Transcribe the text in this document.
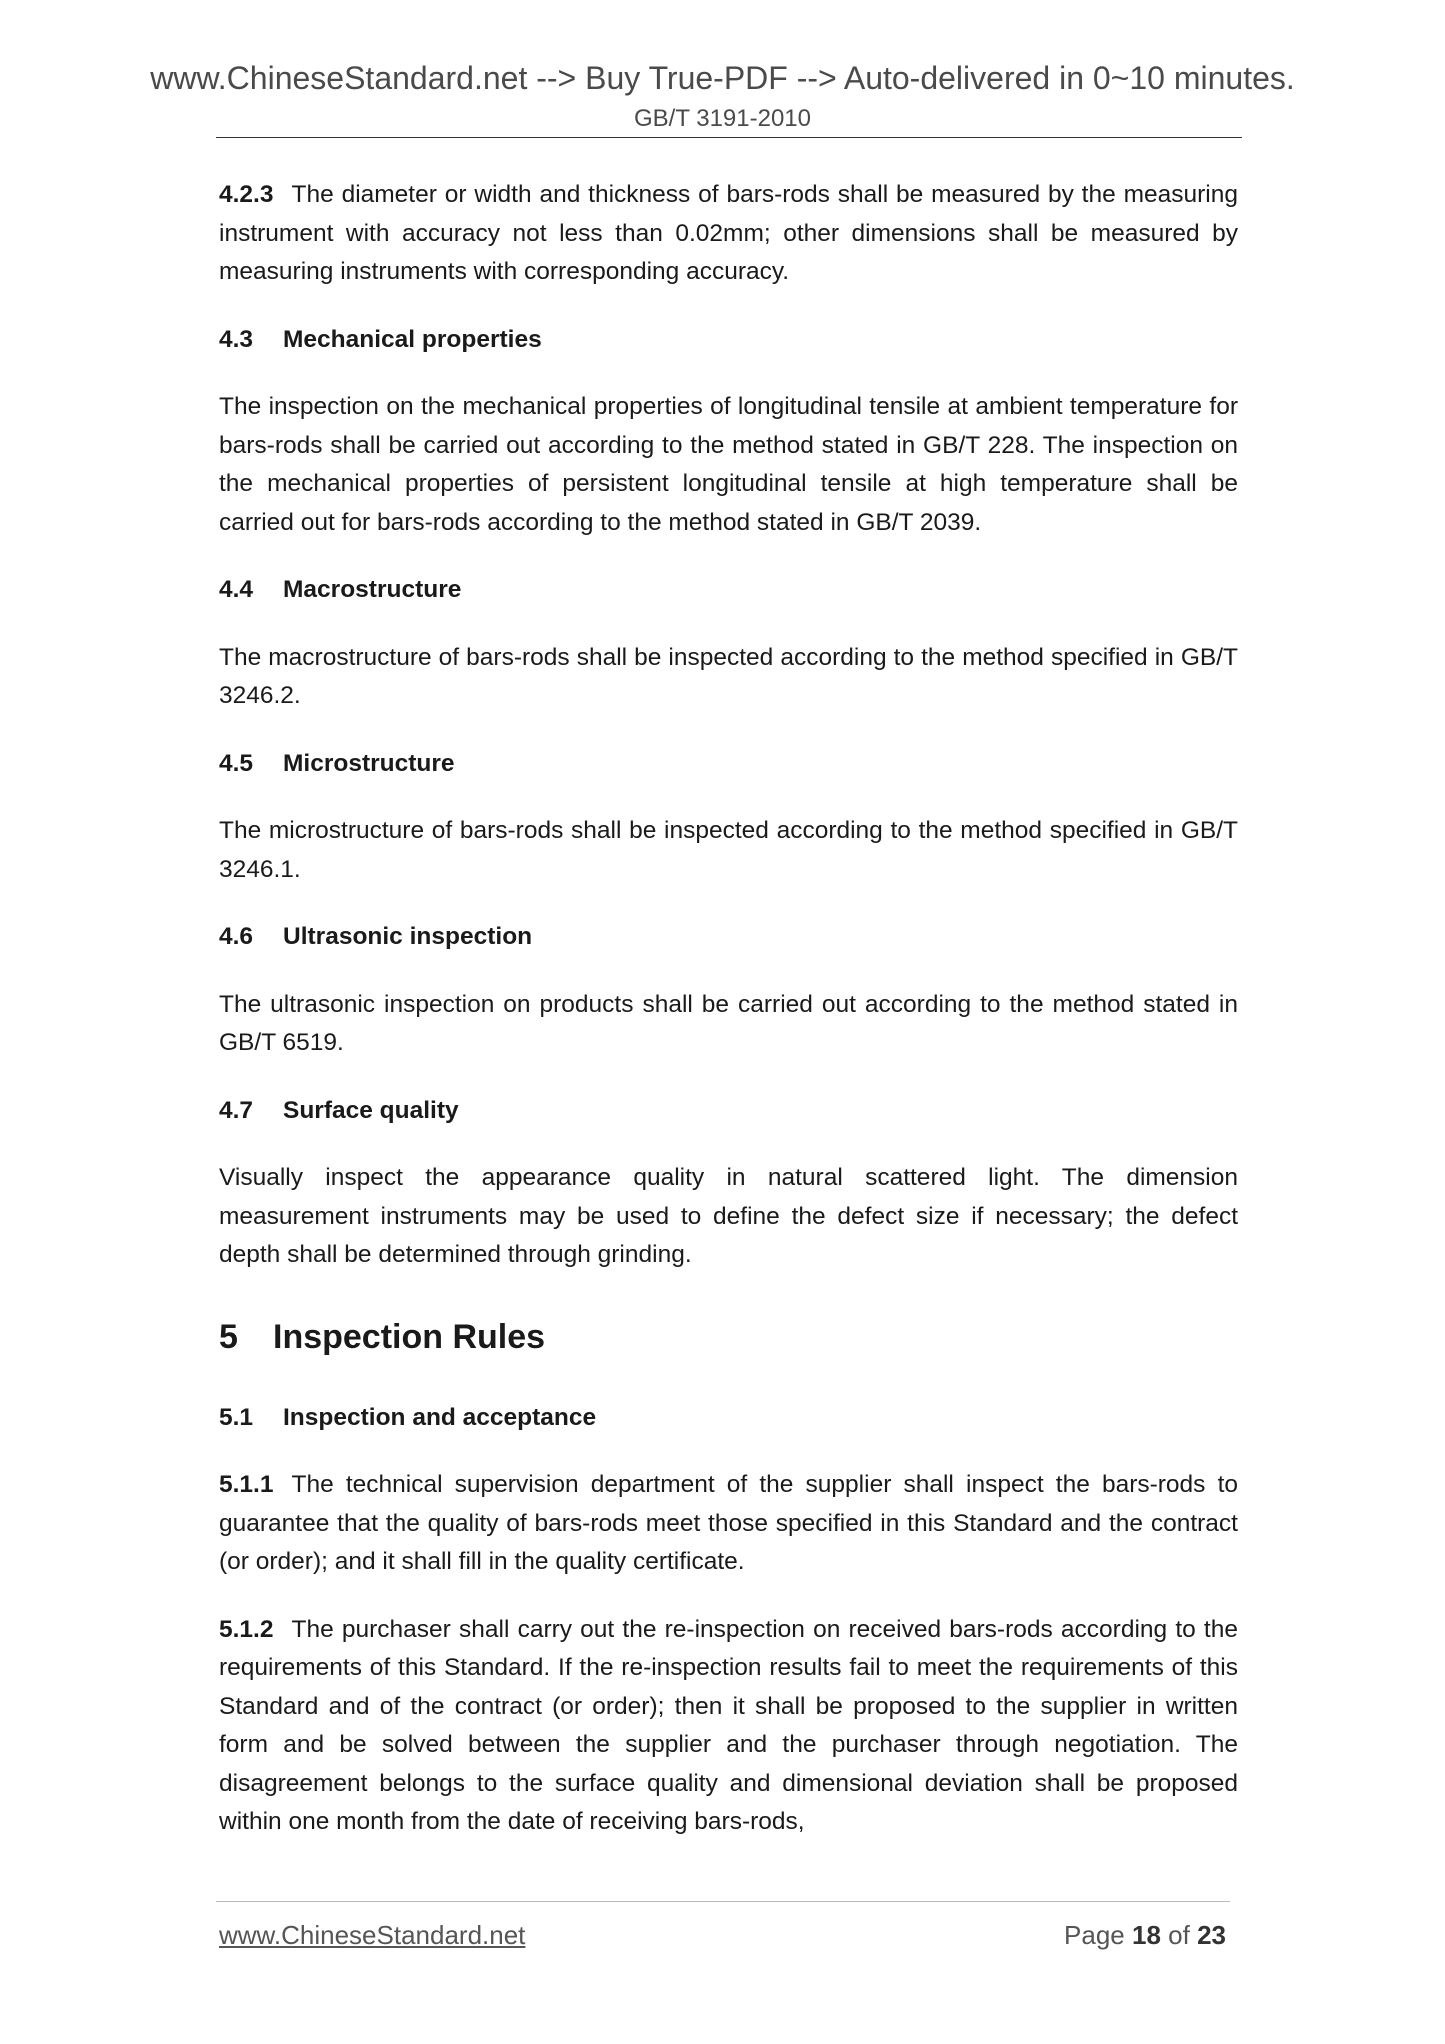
www.ChineseStandard.net --> Buy True-PDF --> Auto-delivered in 0~10 minutes.
GB/T 3191-2010

4.2.3 The diameter or width and thickness of bars-rods shall be measured by the measuring instrument with accuracy not less than 0.02mm; other dimensions shall be measured by measuring instruments with corresponding accuracy.

4.3 Mechanical properties

The inspection on the mechanical properties of longitudinal tensile at ambient temperature for bars-rods shall be carried out according to the method stated in GB/T 228. The inspection on the mechanical properties of persistent longitudinal tensile at high temperature shall be carried out for bars-rods according to the method stated in GB/T 2039.

4.4 Macrostructure

The macrostructure of bars-rods shall be inspected according to the method specified in GB/T 3246.2.

4.5 Microstructure

The microstructure of bars-rods shall be inspected according to the method specified in GB/T 3246.1.

4.6 Ultrasonic inspection

The ultrasonic inspection on products shall be carried out according to the method stated in GB/T 6519.

4.7 Surface quality

Visually inspect the appearance quality in natural scattered light. The dimension measurement instruments may be used to define the defect size if necessary; the defect depth shall be determined through grinding.

5 Inspection Rules
5.1 Inspection and acceptance

5.1.1 The technical supervision department of the supplier shall inspect the bars-rods to guarantee that the quality of bars-rods meet those specified in this Standard and the contract (or order); and it shall fill in the quality certificate.

5.1.2 The purchaser shall carry out the re-inspection on received bars-rods according to the requirements of this Standard. If the re-inspection results fail to meet the requirements of this Standard and of the contract (or order); then it shall be proposed to the supplier in written form and be solved between the supplier and the purchaser through negotiation. The disagreement belongs to the surface quality and dimensional deviation shall be proposed within one month from the date of receiving bars-rods,

www.ChineseStandard.net	Page 18 of 23
